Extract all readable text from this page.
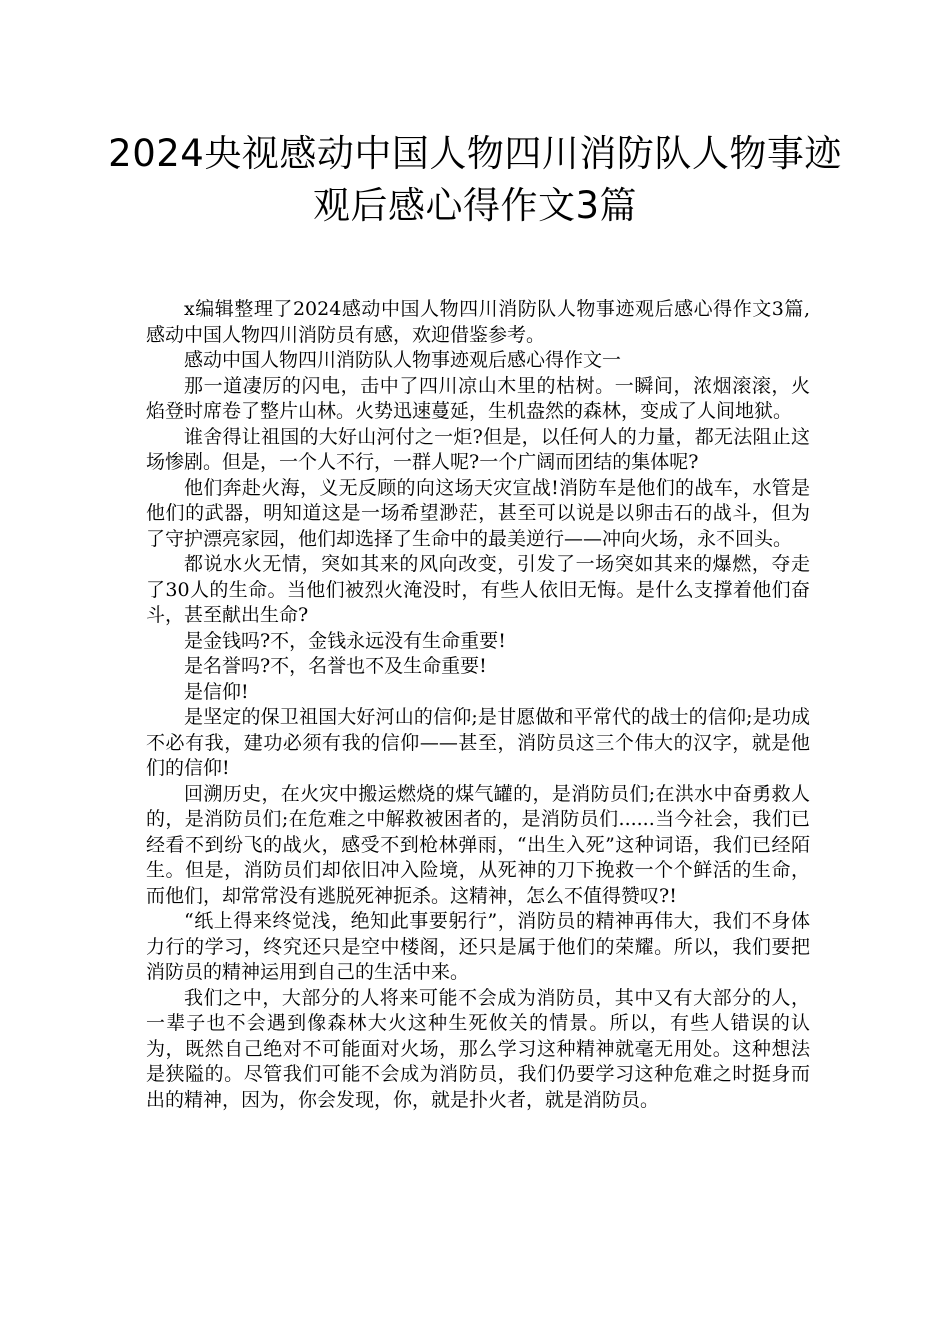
2024央视感动中国人物四川消防队人物事迹观后感心得作文3篇

x编辑整理了2024感动中国人物四川消防队人物事迹观后感心得作文3篇,感动中国人物四川消防员有感，欢迎借鉴参考。

感动中国人物四川消防队人物事迹观后感心得作文一

那一道凄厉的闪电，击中了四川凉山木里的枯树。一瞬间，浓烟滚滚，火焰登时席卷了整片山林。火势迅速蔓延，生机盎然的森林，变成了人间地狱。

谁舍得让祖国的大好山河付之一炬?但是，以任何人的力量，都无法阻止这场惨剧。但是，一个人不行，一群人呢?一个广阔而团结的集体呢?

他们奔赴火海，义无反顾的向这场天灾宣战!消防车是他们的战车，水管是他们的武器，明知道这是一场希望渺茫，甚至可以说是以卵击石的战斗，但为了守护漂亮家园，他们却选择了生命中的最美逆行——冲向火场，永不回头。

都说水火无情，突如其来的风向改变，引发了一场突如其来的爆燃，夺走了30人的生命。当他们被烈火淹没时，有些人依旧无悔。是什么支撑着他们奋斗，甚至献出生命?

是金钱吗?不，金钱永远没有生命重要!

是名誉吗?不，名誉也不及生命重要!

是信仰!

是坚定的保卫祖国大好河山的信仰;是甘愿做和平常代的战士的信仰;是功成不必有我，建功必须有我的信仰——甚至，消防员这三个伟大的汉字，就是他们的信仰!

回溯历史，在火灾中搬运燃烧的煤气罐的，是消防员们;在洪水中奋勇救人的，是消防员们;在危难之中解救被困者的，是消防员们......当今社会，我们已经看不到纷飞的战火，感受不到枪林弹雨，“出生入死”这种词语，我们已经陌生。但是，消防员们却依旧冲入险境，从死神的刀下挽救一个个鲜活的生命，而他们，却常常没有逃脱死神扼杀。这精神，怎么不值得赞叹?!

“纸上得来终觉浅，绝知此事要躬行”，消防员的精神再伟大，我们不身体力行的学习，终究还只是空中楼阁，还只是属于他们的荣耀。所以，我们要把消防员的精神运用到自己的生活中来。

我们之中，大部分的人将来可能不会成为消防员，其中又有大部分的人，一辈子也不会遇到像森林大火这种生死攸关的情景。所以，有些人错误的认为，既然自己绝对不可能面对火场，那么学习这种精神就毫无用处。这种想法是狭隘的。尽管我们可能不会成为消防员，我们仍要学习这种危难之时挺身而出的精神，因为，你会发现，你，就是扑火者，就是消防员。
